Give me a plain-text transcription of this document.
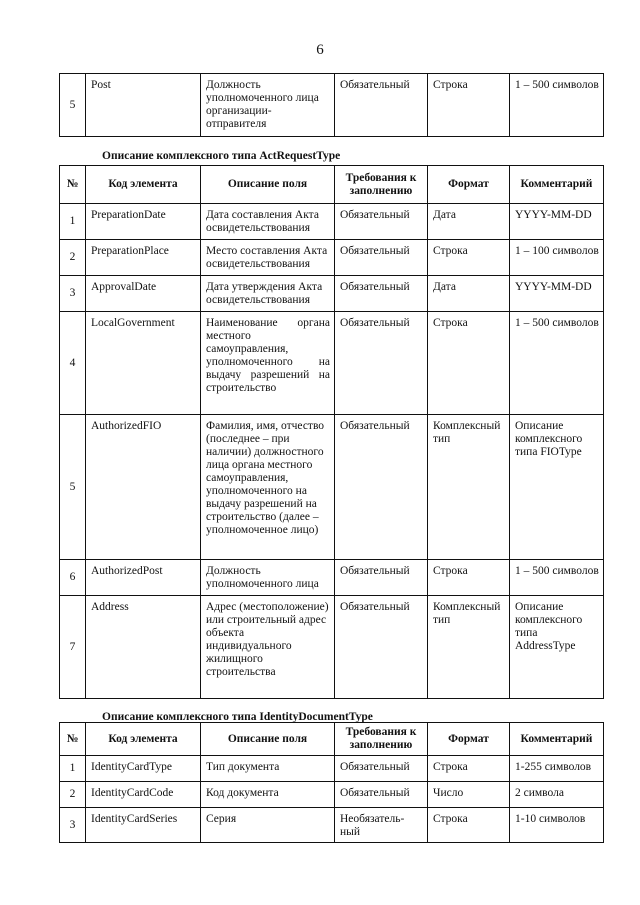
6
5	Post	Должность уполномоченного лица организации-отправителя	Обязательный	Строка	1 – 500 символов
Описание комплексного типа ActRequestType
№	Код элемента	Описание поля	Требования к заполнению	Формат	Комментарий
1	PreparationDate	Дата составления Акта освидетельствования	Обязательный	Дата	YYYY-MM-DD
2	PreparationPlace	Место составления Акта освидетельствования	Обязательный	Строка	1 – 100 символов
3	ApprovalDate	Дата утверждения Акта освидетельствования	Обязательный	Дата	YYYY-MM-DD
4	LocalGovernment	Наименование органа местного самоуправления, уполномоченного на выдачу разрешений на строительство	Обязательный	Строка	1 – 500 символов
5	AuthorizedFIO	Фамилия, имя, отчество (последнее – при наличии) должностного лица органа местного самоуправления, уполномоченного на выдачу разрешений на строительство (далее – уполномоченное лицо)	Обязательный	Комплексный тип	Описание комплексного типа FIOType
6	AuthorizedPost	Должность уполномоченного лица	Обязательный	Строка	1 – 500 символов
7	Address	Адрес (местоположение) или строительный адрес объекта индивидуального жилищного строительства	Обязательный	Комплексный тип	Описание комплексного типа AddressType
Описание комплексного типа IdentityDocumentType
№	Код элемента	Описание поля	Требования к заполнению	Формат	Комментарий
1	IdentityCardType	Тип документа	Обязательный	Строка	1-255 символов
2	IdentityCardCode	Код документа	Обязательный	Число	2 символа
3	IdentityCardSeries	Серия	Необязатель-ный	Строка	1-10 символов
